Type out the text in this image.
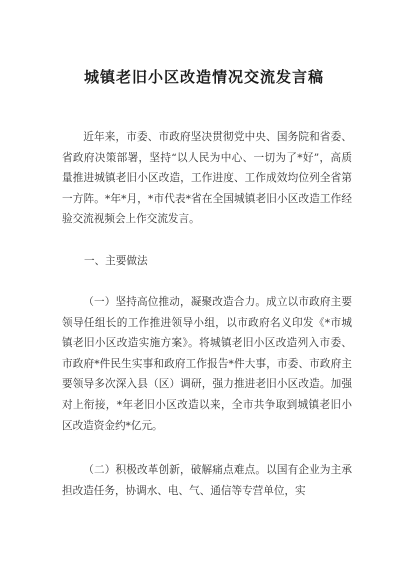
城镇老旧小区改造情况交流发言稿
近年来，市委、市政府坚决贯彻党中央、国务院和省委、省政府决策部署，坚持“以人民为中心、一切为了*好”，高质量推进城镇老旧小区改造，工作进度、工作成效均位列全省第一方阵。*年*月，*市代表*省在全国城镇老旧小区改造工作经验交流视频会上作交流发言。
一、主要做法
（一）坚持高位推动，凝聚改造合力。成立以市政府主要领导任组长的工作推进领导小组，以市政府名义印发《*市城镇老旧小区改造实施方案》。将城镇老旧小区改造列入市委、市政府*件民生实事和政府工作报告*件大事，市委、市政府主要领导多次深入县（区）调研，强力推进老旧小区改造。加强对上衔接，*年老旧小区改造以来，全市共争取到城镇老旧小区改造资金约*亿元。
（二）积极改革创新，破解痛点难点。以国有企业为主承担改造任务，协调水、电、气、通信等专营单位，实
